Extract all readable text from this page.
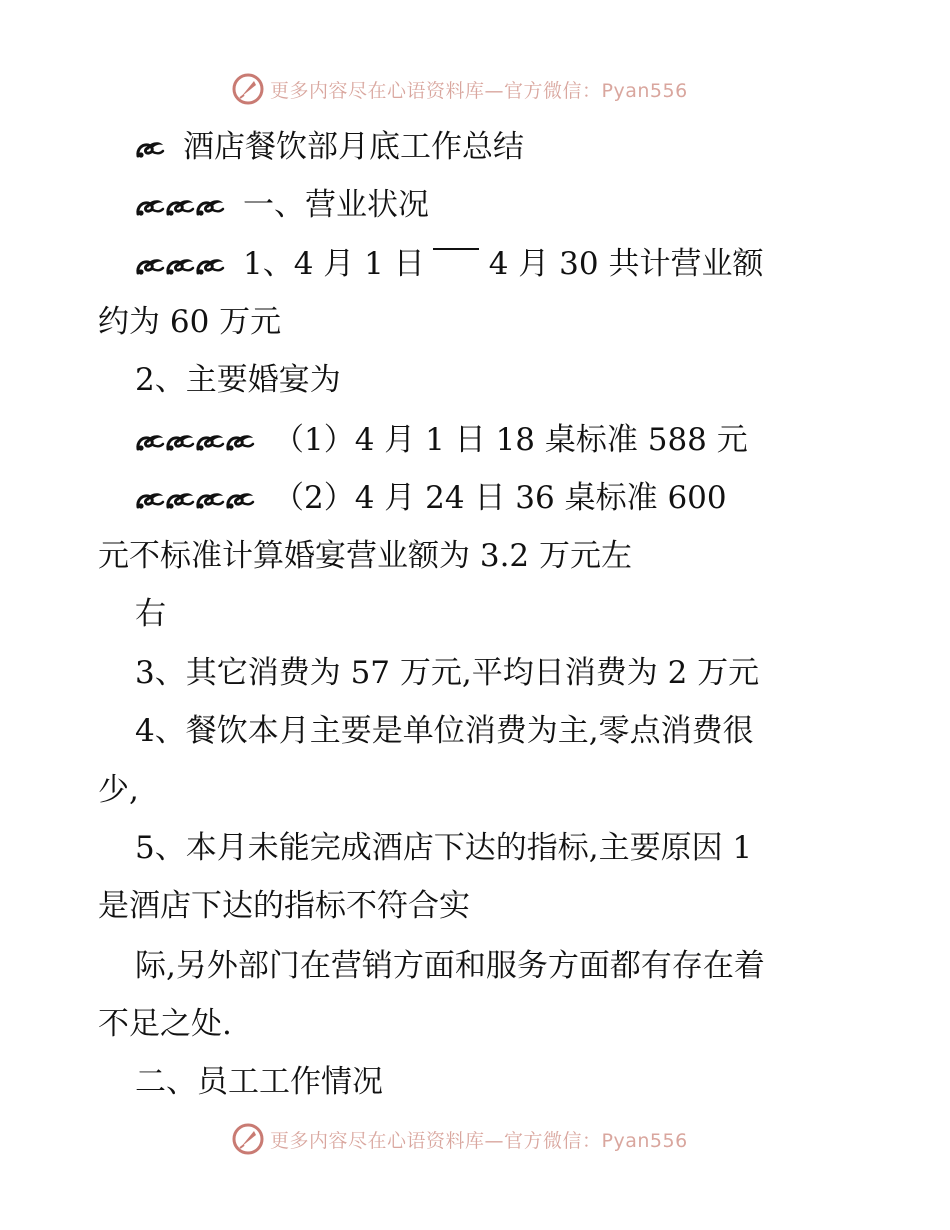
更多内容尽在心语资料库—官方微信：Pyan556
酒店餐饮部月底工作总结
一、营业状况
1、4 月 1 日 4 月 30 共计营业额
约为 60 万元
2、主要婚宴为
（1）4 月 1 日 18 桌标准 588 元
（2）4 月 24 日 36 桌标准 600
元不标准计算婚宴营业额为 3.2 万元左
右
3、其它消费为 57 万元,平均日消费为 2 万元
4、餐饮本月主要是单位消费为主,零点消费很
少,
5、本月未能完成酒店下达的指标,主要原因 1
是酒店下达的指标不符合实
际,另外部门在营销方面和服务方面都有存在着
不足之处.
二、员工工作情况
更多内容尽在心语资料库—官方微信：Pyan556
